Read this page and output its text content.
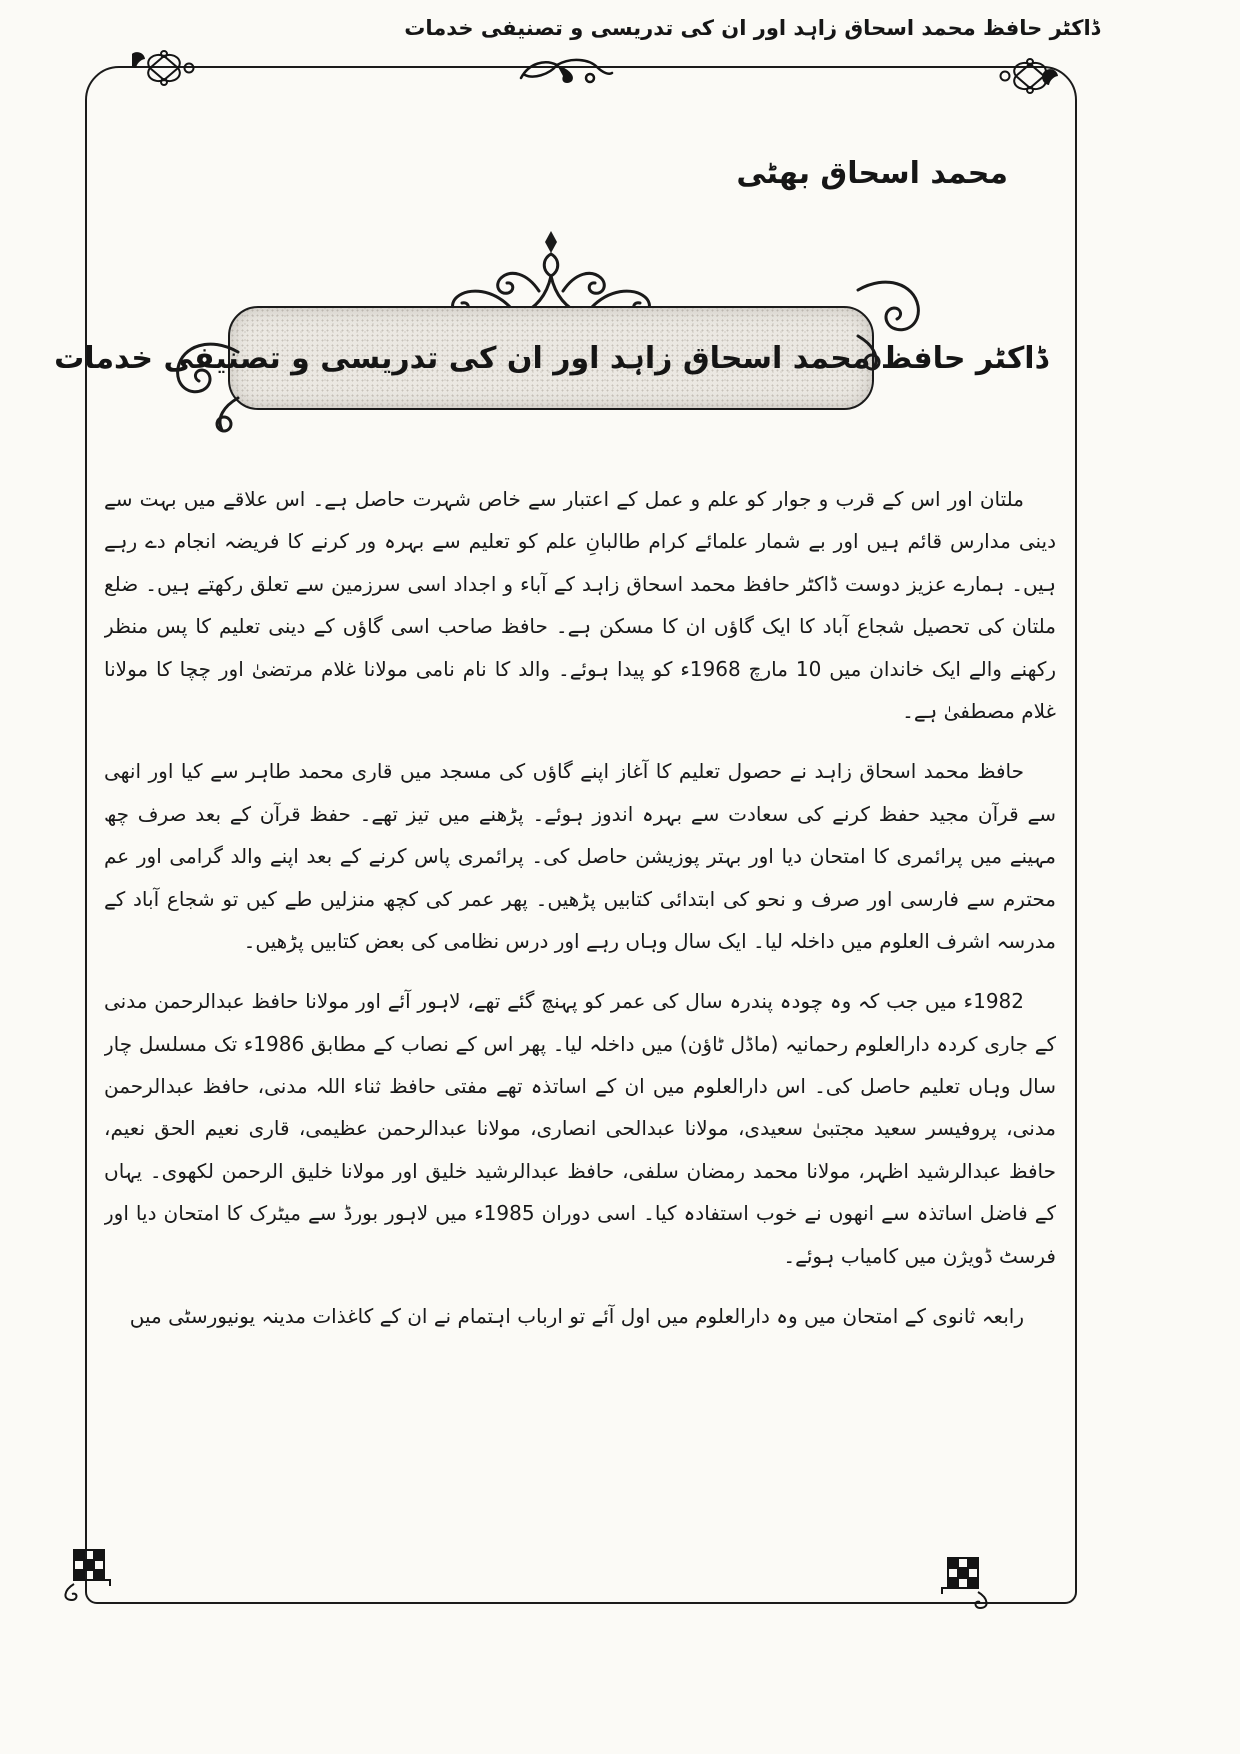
ڈاکٹر حافظ محمد اسحاق زاہد اور ان کی تدریسی و تصنیفی خدمات
محمد اسحاق بھٹی
ڈاکٹر حافظ محمد اسحاق زاہد اور ان کی تدریسی و تصنیفی خدمات

ملتان اور اس کے قرب و جوار کو علم و عمل کے اعتبار سے خاص شہرت حاصل ہے۔ اس علاقے میں بہت سے دینی مدارس قائم ہیں اور بے شمار علمائے کرام طالبانِ علم کو تعلیم سے بہرہ ور کرنے کا فریضہ انجام دے رہے ہیں۔ ہمارے عزیز دوست ڈاکٹر حافظ محمد اسحاق زاہد کے آباء و اجداد اسی سرزمین سے تعلق رکھتے ہیں۔ ضلع ملتان کی تحصیل شجاع آباد کا ایک گاؤں ان کا مسکن ہے۔ حافظ صاحب اسی گاؤں کے دینی تعلیم کا پس منظر رکھنے والے ایک خاندان میں 10 مارچ 1968ء کو پیدا ہوئے۔ والد کا نام نامی مولانا غلام مرتضیٰ اور چچا کا مولانا غلام مصطفیٰ ہے۔

حافظ محمد اسحاق زاہد نے حصول تعلیم کا آغاز اپنے گاؤں کی مسجد میں قاری محمد طاہر سے کیا اور انھی سے قرآن مجید حفظ کرنے کی سعادت سے بہرہ اندوز ہوئے۔ پڑھنے میں تیز تھے۔ حفظ قرآن کے بعد صرف چھ مہینے میں پرائمری کا امتحان دیا اور بہتر پوزیشن حاصل کی۔ پرائمری پاس کرنے کے بعد اپنے والد گرامی اور عم محترم سے فارسی اور صرف و نحو کی ابتدائی کتابیں پڑھیں۔ پھر عمر کی کچھ منزلیں طے کیں تو شجاع آباد کے مدرسہ اشرف العلوم میں داخلہ لیا۔ ایک سال وہاں رہے اور درس نظامی کی بعض کتابیں پڑھیں۔

1982ء میں جب کہ وہ چودہ پندرہ سال کی عمر کو پہنچ گئے تھے، لاہور آئے اور مولانا حافظ عبدالرحمن مدنی کے جاری کردہ دارالعلوم رحمانیہ (ماڈل ٹاؤن) میں داخلہ لیا۔ پھر اس کے نصاب کے مطابق 1986ء تک مسلسل چار سال وہاں تعلیم حاصل کی۔ اس دارالعلوم میں ان کے اساتذہ تھے مفتی حافظ ثناء اللہ مدنی، حافظ عبدالرحمن مدنی، پروفیسر سعید مجتبیٰ سعیدی، مولانا عبدالحی انصاری، مولانا عبدالرحمن عظیمی، قاری نعیم الحق نعیم، حافظ عبدالرشید اظہر، مولانا محمد رمضان سلفی، حافظ عبدالرشید خلیق اور مولانا خلیق الرحمن لکھوی۔ یہاں کے فاضل اساتذہ سے انھوں نے خوب استفادہ کیا۔ اسی دوران 1985ء میں لاہور بورڈ سے میٹرک کا امتحان دیا اور فرسٹ ڈویژن میں کامیاب ہوئے۔

رابعہ ثانوی کے امتحان میں وہ دارالعلوم میں اول آئے تو ارباب اہتمام نے ان کے کاغذات مدینہ یونیورسٹی میں
